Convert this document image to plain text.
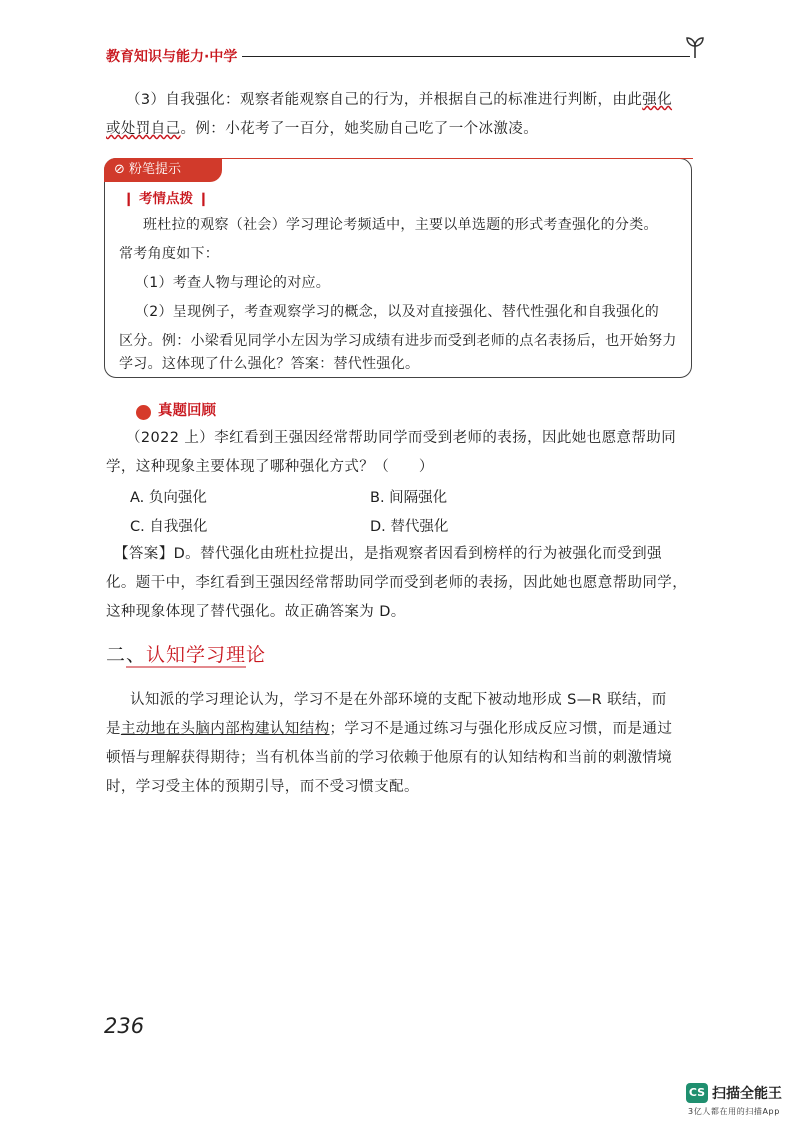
教育知识与能力·中学

（3）自我强化：观察者能观察自己的行为，并根据自己的标准进行判断，由此强化

或处罚自己。例：小花考了一百分，她奖励自己吃了一个冰激凌。

⊘ 粉笔提示
❙ 考情点拨 ❙
班杜拉的观察（社会）学习理论考频适中，主要以单选题的形式考查强化的分类。
常考角度如下：
（1）考查人物与理论的对应。
（2）呈现例子，考查观察学习的概念，以及对直接强化、替代性强化和自我强化的
区分。例：小梁看见同学小左因为学习成绩有进步而受到老师的点名表扬后，也开始努力
学习。这体现了什么强化？答案：替代性强化。
真题回顾

（2022 上）李红看到王强因经常帮助同学而受到老师的表扬，因此她也愿意帮助同

学，这种现象主要体现了哪种强化方式？（　　）

A. 负向强化	B. 间隔强化
C. 自我强化	D. 替代强化

【答案】D。替代强化由班杜拉提出，是指观察者因看到榜样的行为被强化而受到强

化。题干中，李红看到王强因经常帮助同学而受到老师的表扬，因此她也愿意帮助同学，

这种现象体现了替代强化。故正确答案为 D。

二、认知学习理论

认知派的学习理论认为，学习不是在外部环境的支配下被动地形成 S—R 联结，而

是主动地在头脑内部构建认知结构；学习不是通过练习与强化形成反应习惯，而是通过

顿悟与理解获得期待；当有机体当前的学习依赖于他原有的认知结构和当前的刺激情境

时，学习受主体的预期引导，而不受习惯支配。

236
CS 扫描全能王
3亿人都在用的扫描App
